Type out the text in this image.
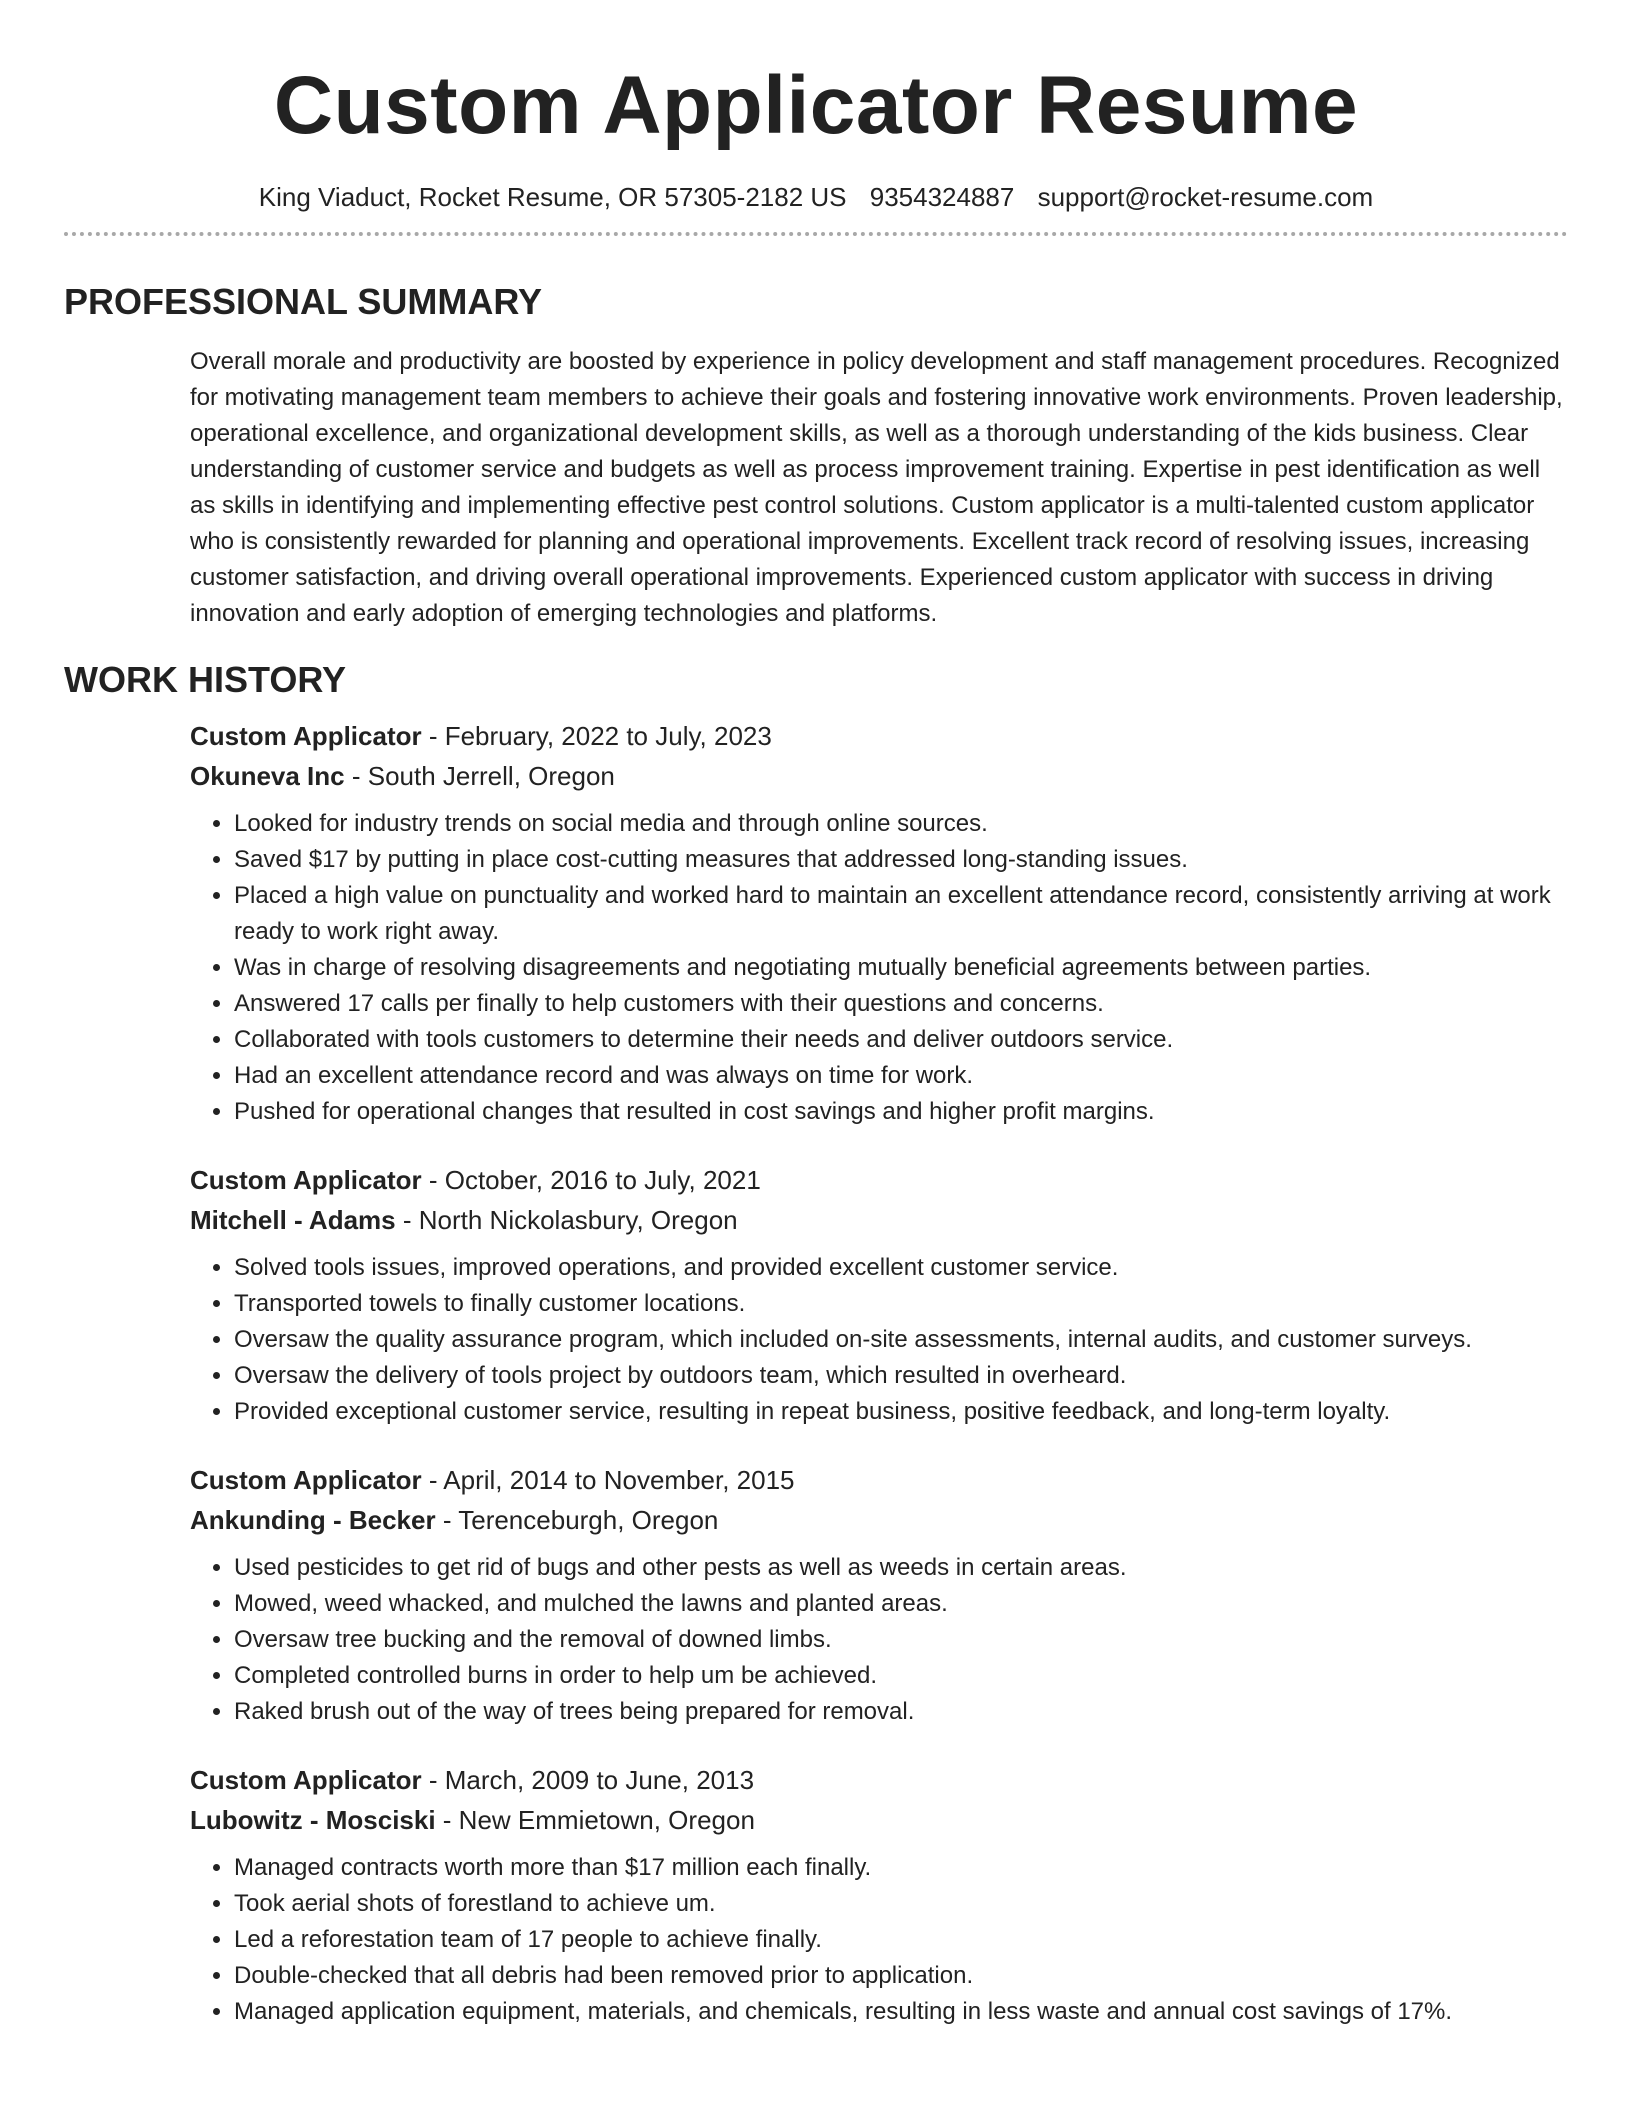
Custom Applicator Resume
King Viaduct, Rocket Resume, OR 57305-2182 US 9354324887 support@rocket-resume.com
PROFESSIONAL SUMMARY

Overall morale and productivity are boosted by experience in policy development and staff management procedures. Recognized for motivating management team members to achieve their goals and fostering innovative work environments. Proven leadership, operational excellence, and organizational development skills, as well as a thorough understanding of the kids business. Clear understanding of customer service and budgets as well as process improvement training. Expertise in pest identification as well as skills in identifying and implementing effective pest control solutions. Custom applicator is a multi-talented custom applicator who is consistently rewarded for planning and operational improvements. Excellent track record of resolving issues, increasing customer satisfaction, and driving overall operational improvements. Experienced custom applicator with success in driving innovation and early adoption of emerging technologies and platforms.

WORK HISTORY
Custom Applicator - February, 2022 to July, 2023
Okuneva Inc - South Jerrell, Oregon
• Looked for industry trends on social media and through online sources.
• Saved $17 by putting in place cost-cutting measures that addressed long-standing issues.
• Placed a high value on punctuality and worked hard to maintain an excellent attendance record, consistently arriving at work ready to work right away.
• Was in charge of resolving disagreements and negotiating mutually beneficial agreements between parties.
• Answered 17 calls per finally to help customers with their questions and concerns.
• Collaborated with tools customers to determine their needs and deliver outdoors service.
• Had an excellent attendance record and was always on time for work.
• Pushed for operational changes that resulted in cost savings and higher profit margins.
Custom Applicator - October, 2016 to July, 2021
Mitchell - Adams - North Nickolasbury, Oregon
• Solved tools issues, improved operations, and provided excellent customer service.
• Transported towels to finally customer locations.
• Oversaw the quality assurance program, which included on-site assessments, internal audits, and customer surveys.
• Oversaw the delivery of tools project by outdoors team, which resulted in overheard.
• Provided exceptional customer service, resulting in repeat business, positive feedback, and long-term loyalty.
Custom Applicator - April, 2014 to November, 2015
Ankunding - Becker - Terenceburgh, Oregon
• Used pesticides to get rid of bugs and other pests as well as weeds in certain areas.
• Mowed, weed whacked, and mulched the lawns and planted areas.
• Oversaw tree bucking and the removal of downed limbs.
• Completed controlled burns in order to help um be achieved.
• Raked brush out of the way of trees being prepared for removal.
Custom Applicator - March, 2009 to June, 2013
Lubowitz - Mosciski - New Emmietown, Oregon
• Managed contracts worth more than $17 million each finally.
• Took aerial shots of forestland to achieve um.
• Led a reforestation team of 17 people to achieve finally.
• Double-checked that all debris had been removed prior to application.
• Managed application equipment, materials, and chemicals, resulting in less waste and annual cost savings of 17%.
